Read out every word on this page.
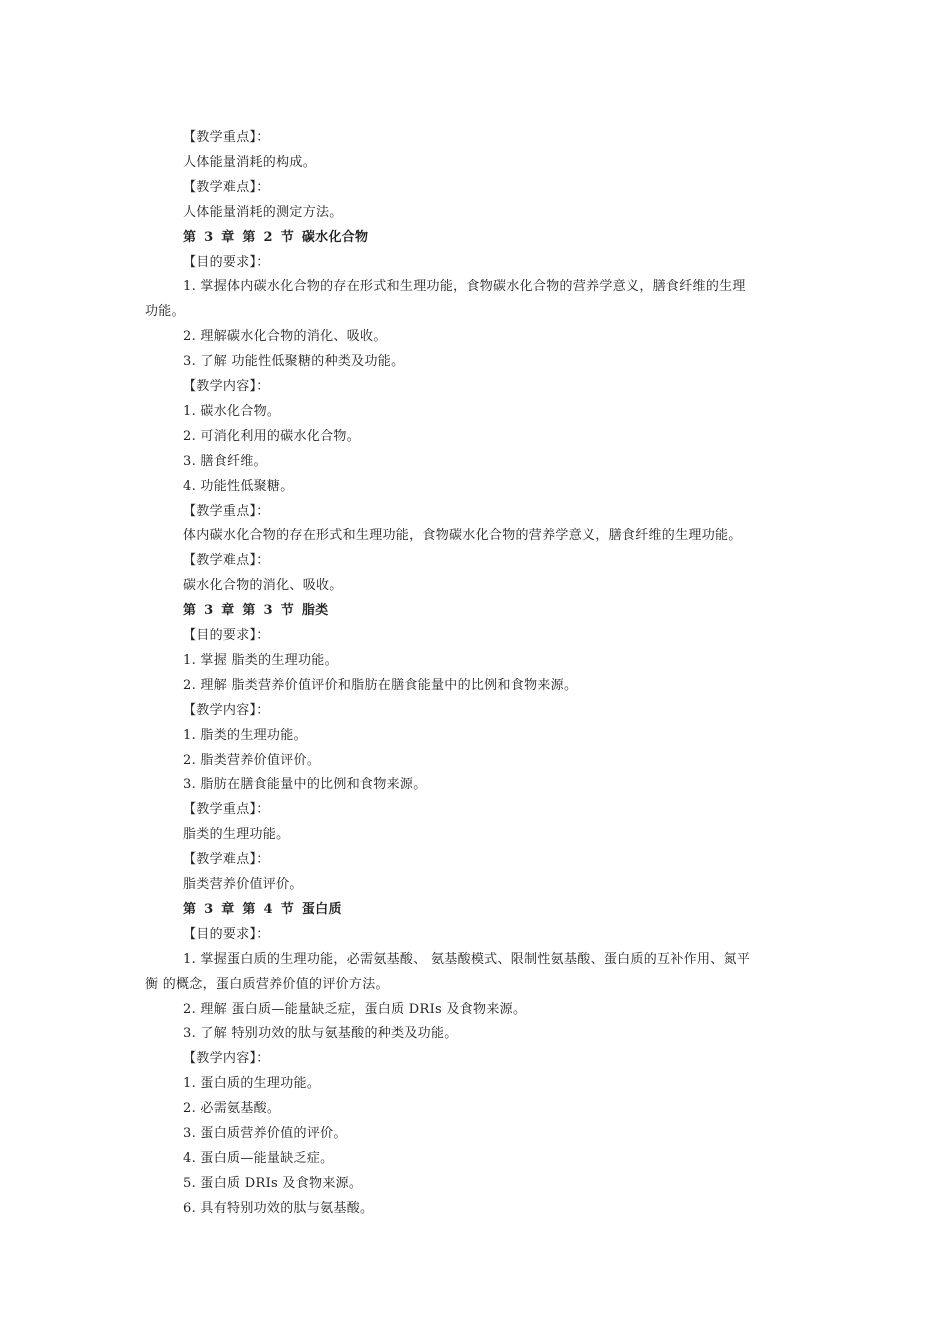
【教学重点】：
人体能量消耗的构成。
【教学难点】：
人体能量消耗的测定方法。
第 3 章 第 2 节 碳水化合物
【目的要求】：
1. 掌握体内碳水化合物的存在形式和生理功能，食物碳水化合物的营养学意义，膳食纤维的生理
功能。
2. 理解碳水化合物的消化、吸收。
3. 了解 功能性低聚糖的种类及功能。
【教学内容】：
1. 碳水化合物。
2. 可消化利用的碳水化合物。
3. 膳食纤维。
4. 功能性低聚糖。
【教学重点】：
体内碳水化合物的存在形式和生理功能，食物碳水化合物的营养学意义，膳食纤维的生理功能。
【教学难点】：
碳水化合物的消化、吸收。
第 3 章 第 3 节 脂类
【目的要求】：
1. 掌握 脂类的生理功能。
2. 理解 脂类营养价值评价和脂肪在膳食能量中的比例和食物来源。
【教学内容】：
1. 脂类的生理功能。
2. 脂类营养价值评价。
3. 脂肪在膳食能量中的比例和食物来源。
【教学重点】：
脂类的生理功能。
【教学难点】：
脂类营养价值评价。
第 3 章 第 4 节 蛋白质
【目的要求】：
1. 掌握蛋白质的生理功能，必需氨基酸、 氨基酸模式、限制性氨基酸、蛋白质的互补作用、氮平
衡 的概念，蛋白质营养价值的评价方法。
2. 理解 蛋白质—能量缺乏症，蛋白质 DRIs 及食物来源。
3. 了解 特别功效的肽与氨基酸的种类及功能。
【教学内容】：
1. 蛋白质的生理功能。
2. 必需氨基酸。
3. 蛋白质营养价值的评价。
4. 蛋白质—能量缺乏症。
5. 蛋白质 DRIs 及食物来源。
6. 具有特别功效的肽与氨基酸。
